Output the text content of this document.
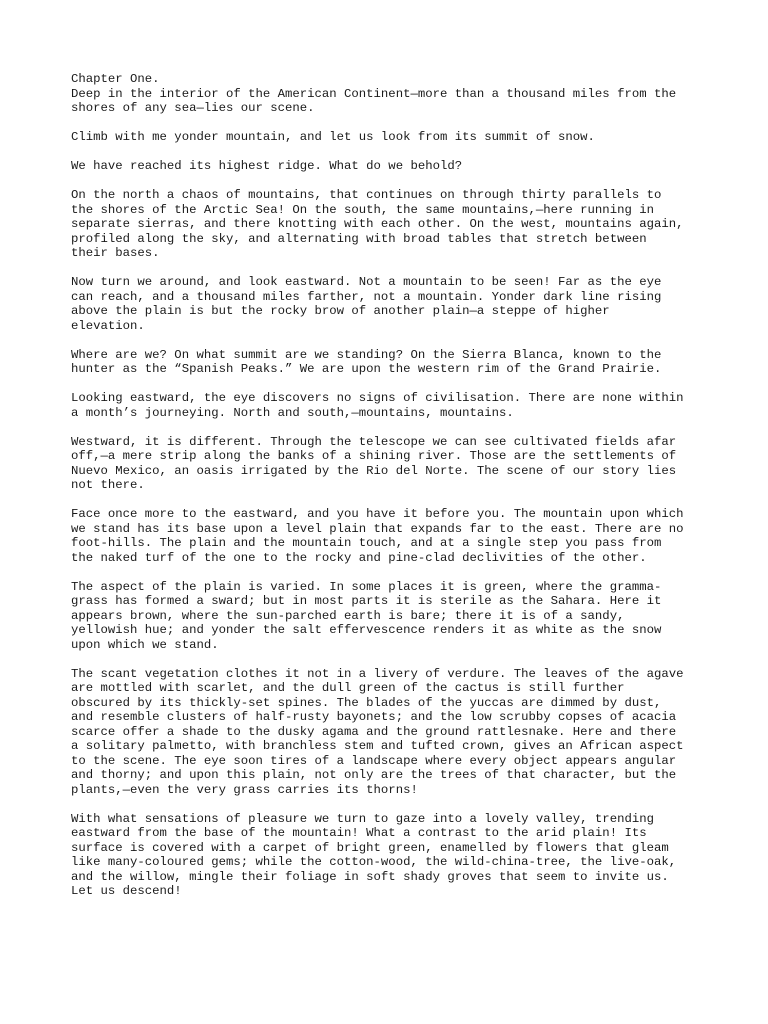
Chapter One.

Deep in the interior of the American Continent—more than a thousand miles from the
shores of any sea—lies our scene.

Climb with me yonder mountain, and let us look from its summit of snow.

We have reached its highest ridge. What do we behold?

On the north a chaos of mountains, that continues on through thirty parallels to
the shores of the Arctic Sea! On the south, the same mountains,—here running in
separate sierras, and there knotting with each other. On the west, mountains again,
profiled along the sky, and alternating with broad tables that stretch between
their bases.

Now turn we around, and look eastward. Not a mountain to be seen! Far as the eye
can reach, and a thousand miles farther, not a mountain. Yonder dark line rising
above the plain is but the rocky brow of another plain—a steppe of higher
elevation.

Where are we? On what summit are we standing? On the Sierra Blanca, known to the
hunter as the “Spanish Peaks.” We are upon the western rim of the Grand Prairie.

Looking eastward, the eye discovers no signs of civilisation. There are none within
a month’s journeying. North and south,—mountains, mountains.

Westward, it is different. Through the telescope we can see cultivated fields afar
off,—a mere strip along the banks of a shining river. Those are the settlements of
Nuevo Mexico, an oasis irrigated by the Rio del Norte. The scene of our story lies
not there.

Face once more to the eastward, and you have it before you. The mountain upon which
we stand has its base upon a level plain that expands far to the east. There are no
foot-hills. The plain and the mountain touch, and at a single step you pass from
the naked turf of the one to the rocky and pine-clad declivities of the other.

The aspect of the plain is varied. In some places it is green, where the gramma-
grass has formed a sward; but in most parts it is sterile as the Sahara. Here it
appears brown, where the sun-parched earth is bare; there it is of a sandy,
yellowish hue; and yonder the salt effervescence renders it as white as the snow
upon which we stand.

The scant vegetation clothes it not in a livery of verdure. The leaves of the agave
are mottled with scarlet, and the dull green of the cactus is still further
obscured by its thickly-set spines. The blades of the yuccas are dimmed by dust,
and resemble clusters of half-rusty bayonets; and the low scrubby copses of acacia
scarce offer a shade to the dusky agama and the ground rattlesnake. Here and there
a solitary palmetto, with branchless stem and tufted crown, gives an African aspect
to the scene. The eye soon tires of a landscape where every object appears angular
and thorny; and upon this plain, not only are the trees of that character, but the
plants,—even the very grass carries its thorns!

With what sensations of pleasure we turn to gaze into a lovely valley, trending
eastward from the base of the mountain! What a contrast to the arid plain! Its
surface is covered with a carpet of bright green, enamelled by flowers that gleam
like many-coloured gems; while the cotton-wood, the wild-china-tree, the live-oak,
and the willow, mingle their foliage in soft shady groves that seem to invite us.
Let us descend!
